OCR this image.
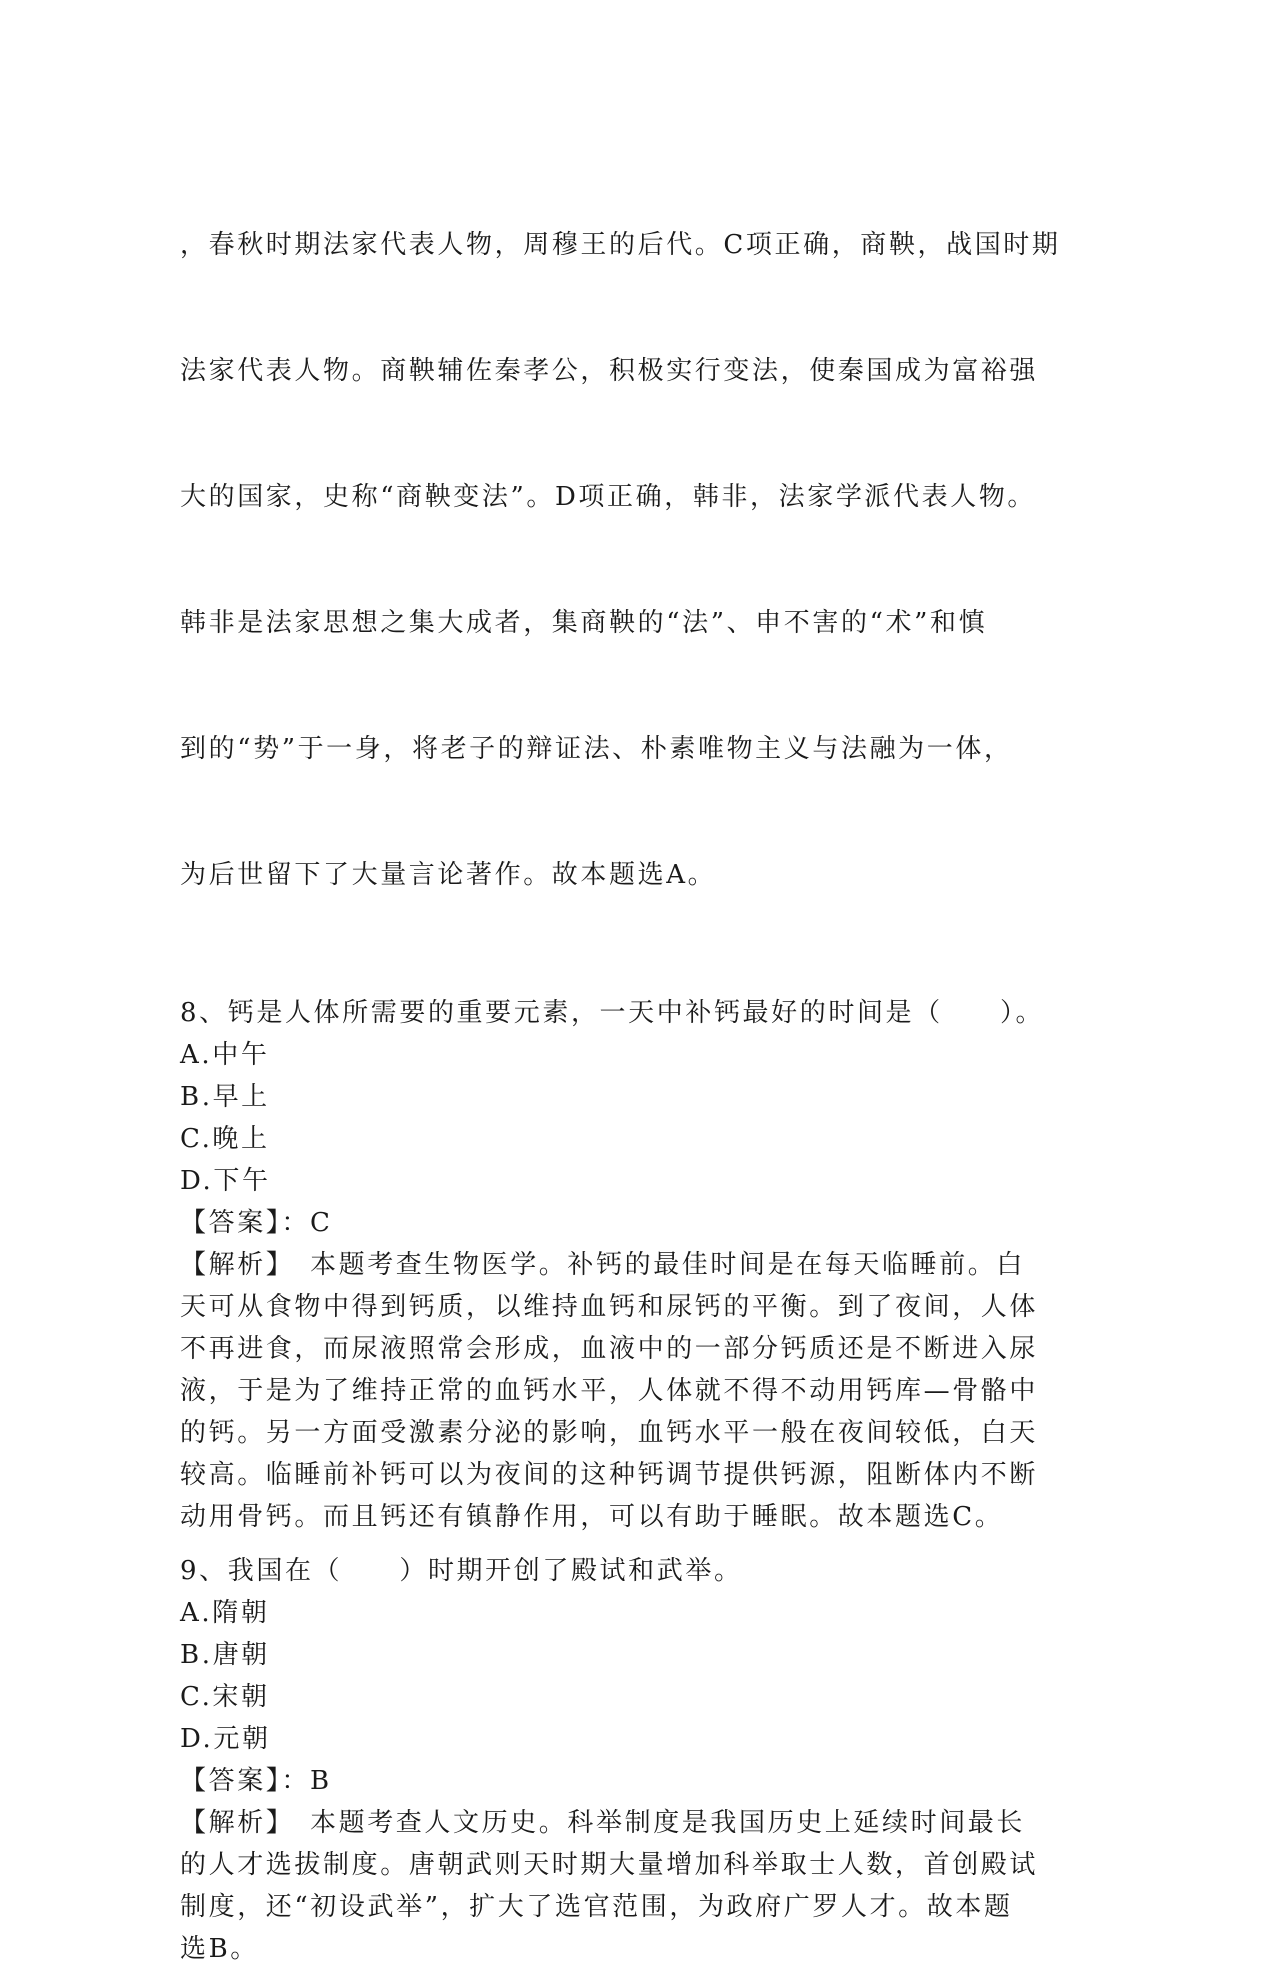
，春秋时期法家代表人物，周穆王的后代。C项正确，商鞅，战国时期

法家代表人物。商鞅辅佐秦孝公，积极实行变法，使秦国成为富裕强

大的国家，史称“商鞅变法”。D项正确，韩非，法家学派代表人物。

韩非是法家思想之集大成者，集商鞅的“法”、申不害的“术”和慎

到的“势”于一身，将老子的辩证法、朴素唯物主义与法融为一体，

为后世留下了大量言论著作。故本题选A。

8、钙是人体所需要的重要元素，一天中补钙最好的时间是（　　）。
A.中午
B.早上
C.晚上
D.下午
【答案】：C
【解析】　本题考查生物医学。补钙的最佳时间是在每天临睡前。白
天可从食物中得到钙质，以维持血钙和尿钙的平衡。到了夜间，人体
不再进食，而尿液照常会形成，血液中的一部分钙质还是不断进入尿
液，于是为了维持正常的血钙水平，人体就不得不动用钙库—骨骼中
的钙。另一方面受激素分泌的影响，血钙水平一般在夜间较低，白天
较高。临睡前补钙可以为夜间的这种钙调节提供钙源，阻断体内不断
动用骨钙。而且钙还有镇静作用，可以有助于睡眠。故本题选C。
9、我国在（　　）时期开创了殿试和武举。
A.隋朝
B.唐朝
C.宋朝
D.元朝
【答案】：B
【解析】　本题考查人文历史。科举制度是我国历史上延续时间最长
的人才选拔制度。唐朝武则天时期大量增加科举取士人数，首创殿试
制度，还“初设武举”，扩大了选官范围，为政府广罗人才。故本题
选B。
